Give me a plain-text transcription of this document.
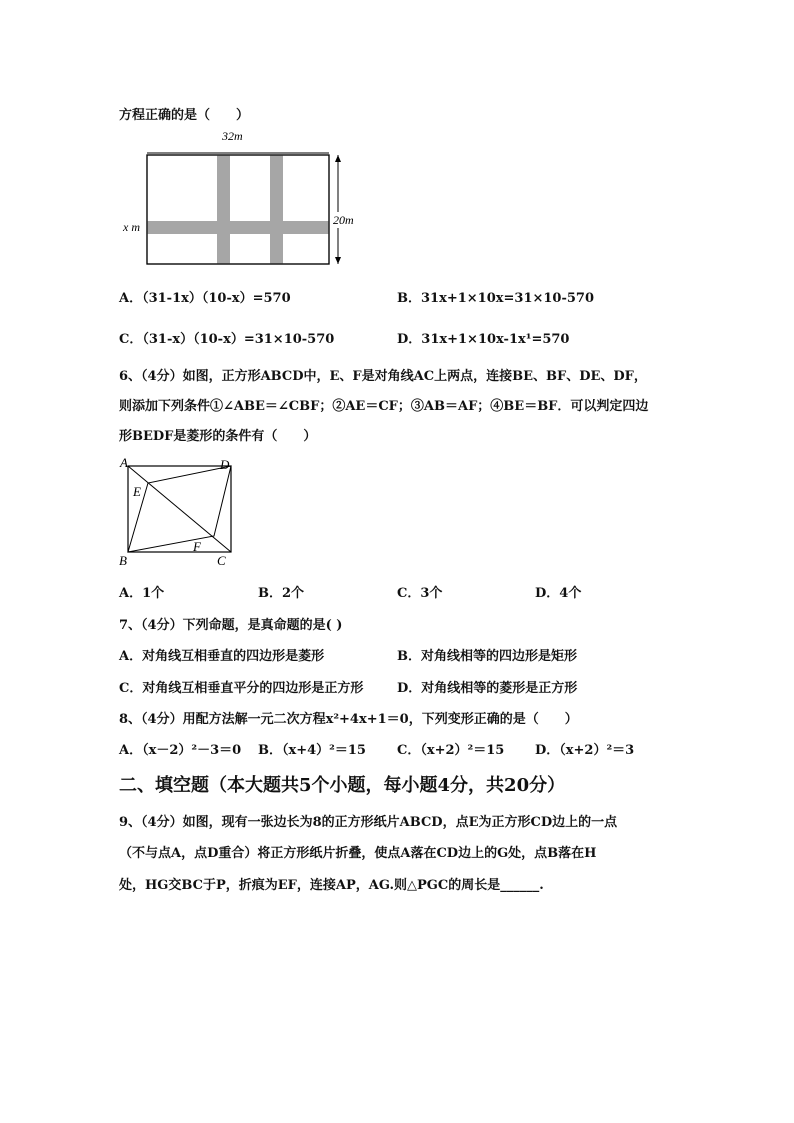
方程正确的是（　　）
32m
20m
x m
A．（31-1x）（10-x）=570	B．31x+1×10x=31×10-570
C．（31-x）（10-x）=31×10-570	D．31x+1×10x-1x¹=570
6、（4分）如图，正方形ABCD中，E、F是对角线AC上两点，连接BE、BF、DE、DF，
则添加下列条件①∠ABE＝∠CBF；②AE＝CF；③AB＝AF；④BE＝BF．可以判定四边
形BEDF是菱形的条件有（　　）
A	D
E
F
B	C
A．1个	B．2个	C．3个	D．4个
7、（4分）下列命题，是真命题的是( )
A．对角线互相垂直的四边形是菱形	B．对角线相等的四边形是矩形
C．对角线互相垂直平分的四边形是正方形	D．对角线相等的菱形是正方形
8、（4分）用配方法解一元二次方程x²+4x+1＝0，下列变形正确的是（　　）
A．（x－2）²－3＝0 B．（x+4）²＝15 C．（x+2）²＝15 D．（x+2）²＝3
二、填空题（本大题共5个小题，每小题4分，共20分）
9、（4分）如图，现有一张边长为8的正方形纸片ABCD，点E为正方形CD边上的一点
（不与点A，点D重合）将正方形纸片折叠，使点A落在CD边上的G处，点B落在H
处，HG交BC于P，折痕为EF，连接AP，AG.则△PGC的周长是______.
